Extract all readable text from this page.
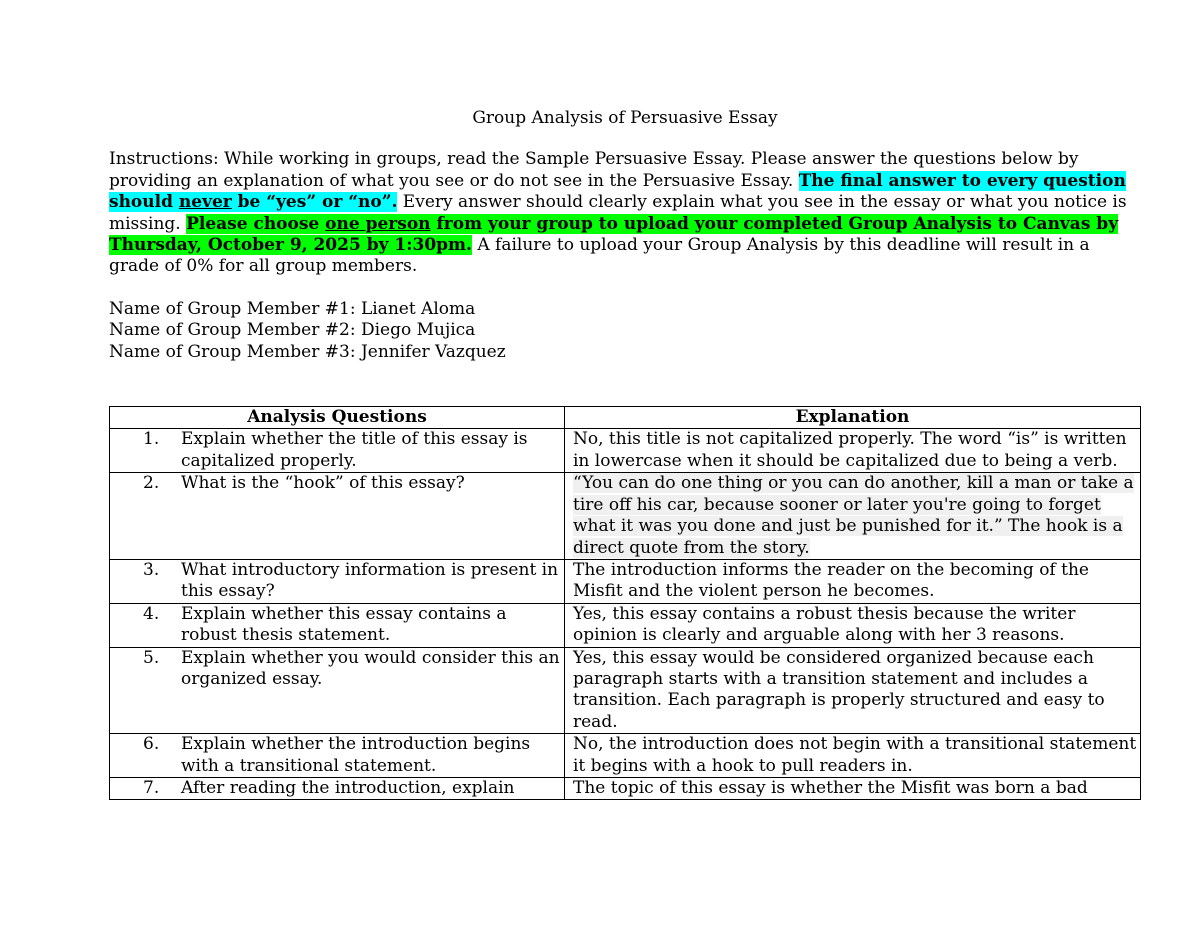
Group Analysis of Persuasive Essay

Instructions: While working in groups, read the Sample Persuasive Essay. Please answer the questions below by providing an explanation of what you see or do not see in the Persuasive Essay. The final answer to every question should never be “yes” or “no”. Every answer should clearly explain what you see in the essay or what you notice is missing. Please choose one person from your group to upload your completed Group Analysis to Canvas by Thursday, October 9, 2025 by 1:30pm. A failure to upload your Group Analysis by this deadline will result in a grade of 0% for all group members.

Name of Group Member #1: Lianet Aloma

Name of Group Member #2: Diego Mujica

Name of Group Member #3: Jennifer Vazquez

Analysis Questions	Explanation

1. Explain whether the title of this essay is capitalized properly.	No, this title is not capitalized properly. The word “is” is written in lowercase when it should be capitalized due to being a verb.

2. What is the “hook” of this essay?	“You can do one thing or you can do another, kill a man or take a tire off his car, because sooner or later you're going to forget what it was you done and just be punished for it.” The hook is a direct quote from the story.

3. What introductory information is present in this essay?	The introduction informs the reader on the becoming of the Misfit and the violent person he becomes.

4. Explain whether this essay contains a robust thesis statement.	Yes, this essay contains a robust thesis because the writer opinion is clearly and arguable along with her 3 reasons.

5. Explain whether you would consider this an organized essay.	Yes, this essay would be considered organized because each paragraph starts with a transition statement and includes a transition. Each paragraph is properly structured and easy to read.

6. Explain whether the introduction begins with a transitional statement.	No, the introduction does not begin with a transitional statement it begins with a hook to pull readers in.

7. After reading the introduction, explain	The topic of this essay is whether the Misfit was born a bad
